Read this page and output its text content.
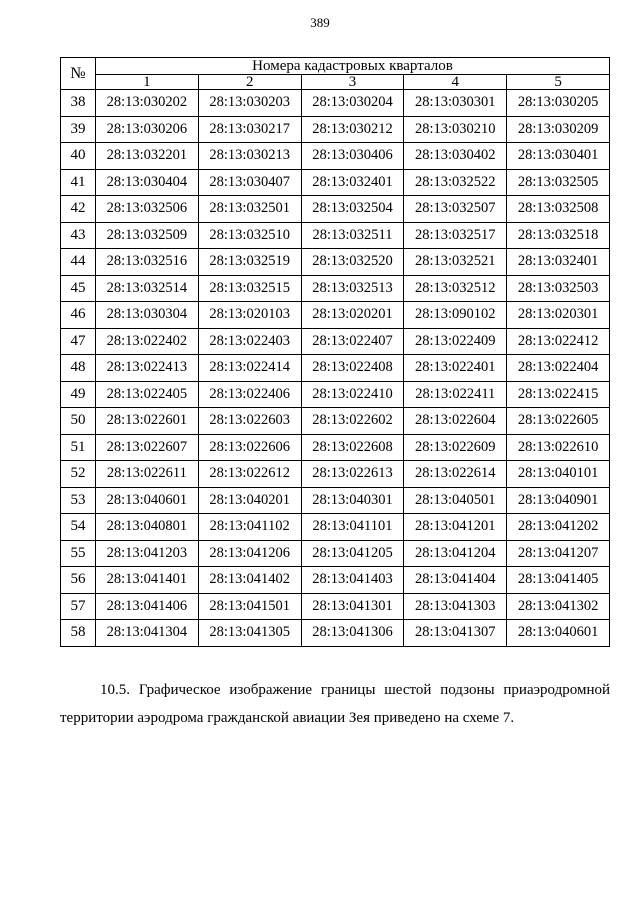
389
№	Номера кадастровых кварталов				
	1	2	3	4	5
38	28:13:030202	28:13:030203	28:13:030204	28:13:030301	28:13:030205
39	28:13:030206	28:13:030217	28:13:030212	28:13:030210	28:13:030209
40	28:13:032201	28:13:030213	28:13:030406	28:13:030402	28:13:030401
41	28:13:030404	28:13:030407	28:13:032401	28:13:032522	28:13:032505
42	28:13:032506	28:13:032501	28:13:032504	28:13:032507	28:13:032508
43	28:13:032509	28:13:032510	28:13:032511	28:13:032517	28:13:032518
44	28:13:032516	28:13:032519	28:13:032520	28:13:032521	28:13:032401
45	28:13:032514	28:13:032515	28:13:032513	28:13:032512	28:13:032503
46	28:13:030304	28:13:020103	28:13:020201	28:13:090102	28:13:020301
47	28:13:022402	28:13:022403	28:13:022407	28:13:022409	28:13:022412
48	28:13:022413	28:13:022414	28:13:022408	28:13:022401	28:13:022404
49	28:13:022405	28:13:022406	28:13:022410	28:13:022411	28:13:022415
50	28:13:022601	28:13:022603	28:13:022602	28:13:022604	28:13:022605
51	28:13:022607	28:13:022606	28:13:022608	28:13:022609	28:13:022610
52	28:13:022611	28:13:022612	28:13:022613	28:13:022614	28:13:040101
53	28:13:040601	28:13:040201	28:13:040301	28:13:040501	28:13:040901
54	28:13:040801	28:13:041102	28:13:041101	28:13:041201	28:13:041202
55	28:13:041203	28:13:041206	28:13:041205	28:13:041204	28:13:041207
56	28:13:041401	28:13:041402	28:13:041403	28:13:041404	28:13:041405
57	28:13:041406	28:13:041501	28:13:041301	28:13:041303	28:13:041302
58	28:13:041304	28:13:041305	28:13:041306	28:13:041307	28:13:040601
10.5. Графическое изображение границы шестой подзоны приаэродромной территории аэродрома гражданской авиации Зея приведено на схеме 7.
